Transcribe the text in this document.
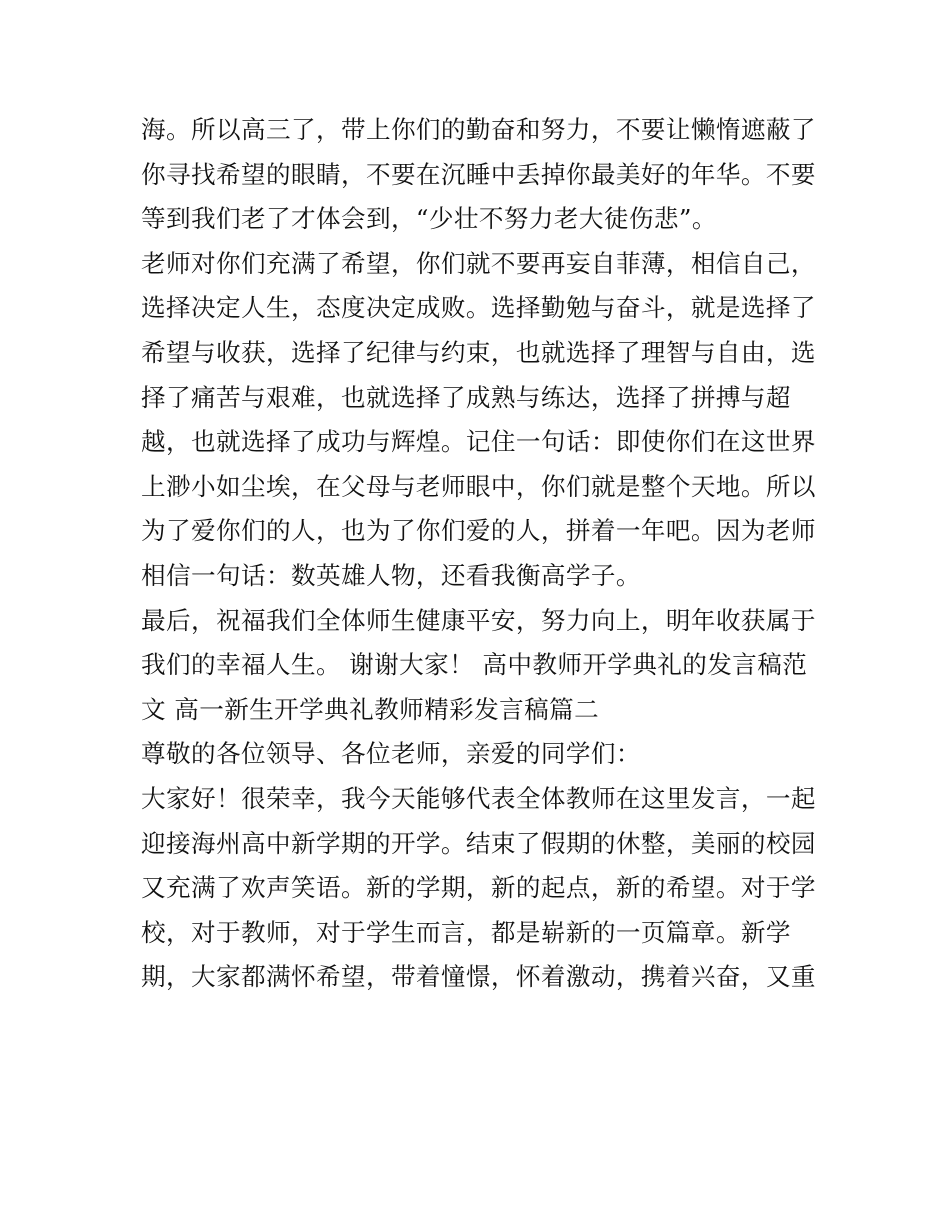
海。所以高三了，带上你们的勤奋和努力，不要让懒惰遮蔽了
你寻找希望的眼睛，不要在沉睡中丢掉你最美好的年华。不要
等到我们老了才体会到，“少壮不努力老大徒伤悲”。
老师对你们充满了希望，你们就不要再妄自菲薄，相信自己，
选择决定人生，态度决定成败。选择勤勉与奋斗，就是选择了
希望与收获，选择了纪律与约束，也就选择了理智与自由，选
择了痛苦与艰难，也就选择了成熟与练达，选择了拼搏与超
越，也就选择了成功与辉煌。记住一句话：即使你们在这世界
上渺小如尘埃，在父母与老师眼中，你们就是整个天地。所以
为了爱你们的人，也为了你们爱的人，拼着一年吧。因为老师
相信一句话：数英雄人物，还看我衡高学子。
最后，祝福我们全体师生健康平安，努力向上，明年收获属于
我们的幸福人生。 谢谢大家！ 高中教师开学典礼的发言稿范
文 高一新生开学典礼教师精彩发言稿篇二
尊敬的各位领导、各位老师，亲爱的同学们：
大家好！很荣幸，我今天能够代表全体教师在这里发言，一起
迎接海州高中新学期的开学。结束了假期的休整，美丽的校园
又充满了欢声笑语。新的学期，新的起点，新的希望。对于学
校，对于教师，对于学生而言，都是崭新的一页篇章。新学
期，大家都满怀希望，带着憧憬，怀着激动，携着兴奋，又重
